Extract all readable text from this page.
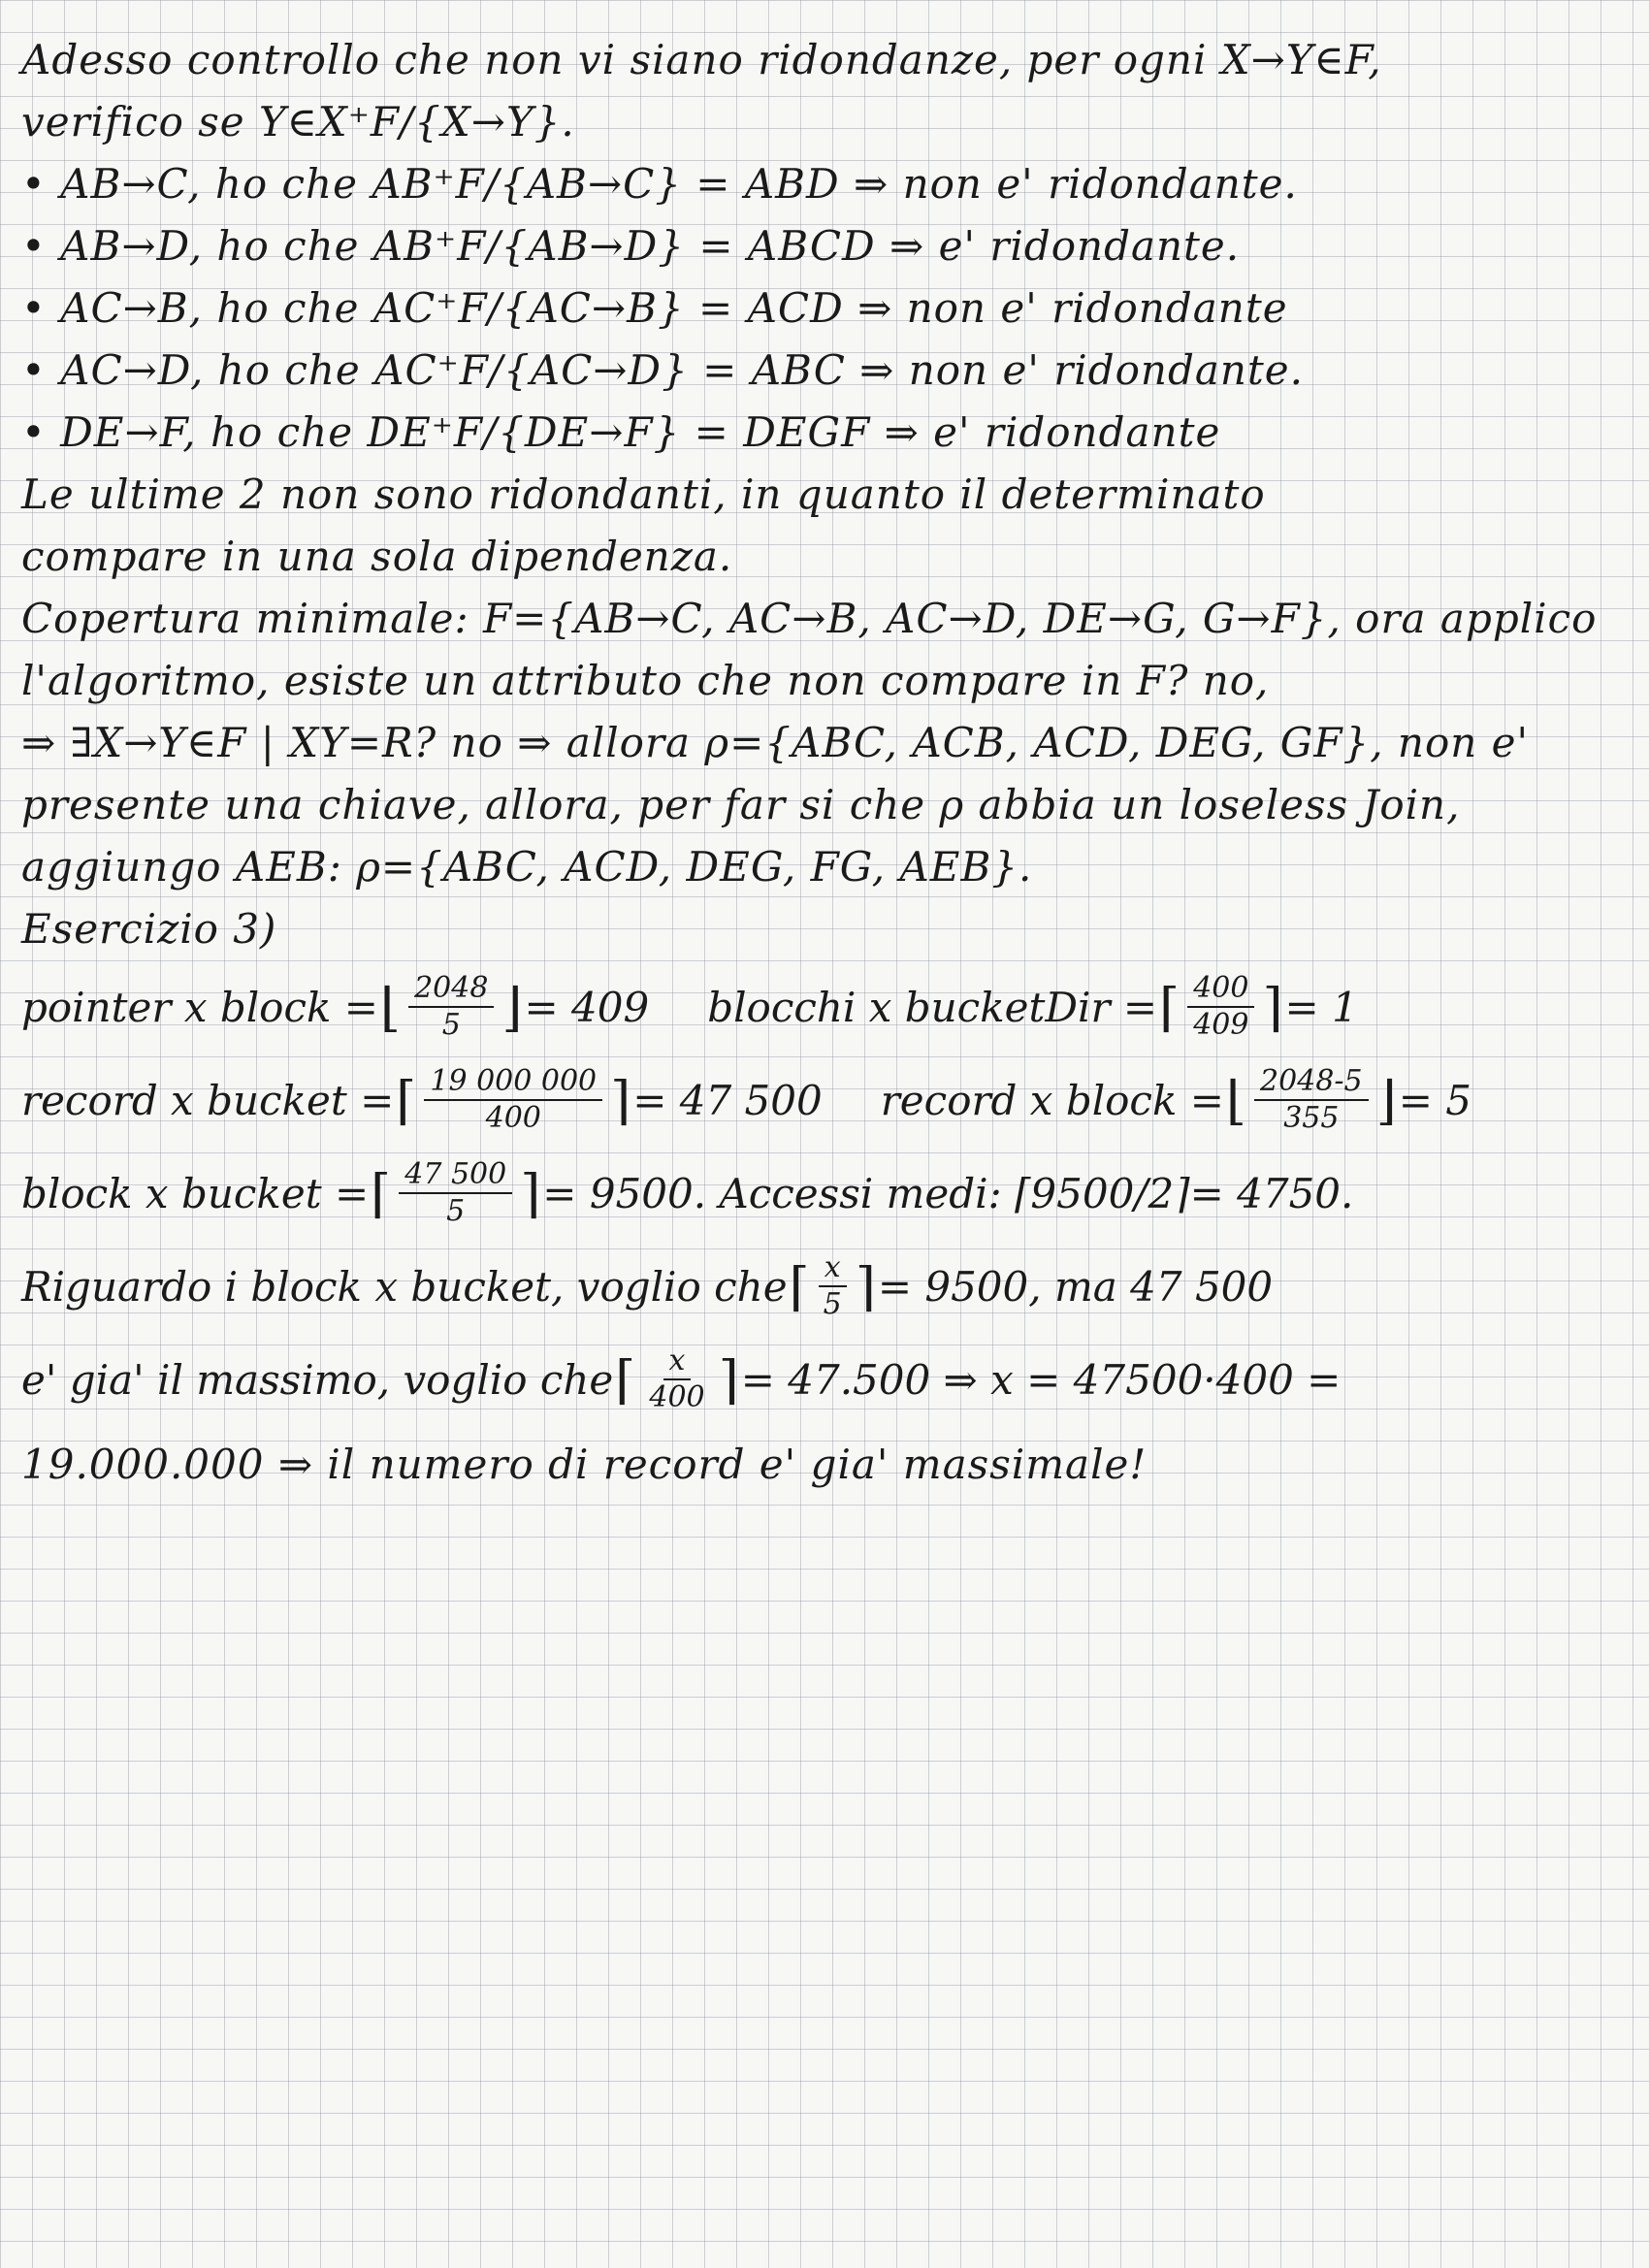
Adesso controllo che non vi siano ridondanze, per ogni X→Y∈F,
verifico se Y∈X⁺F/{X→Y}.
• AB→C, ho che AB⁺F/{AB→C} = ABD ⇒ non e' ridondante.
• AB→D, ho che AB⁺F/{AB→D} = ABCD ⇒ e' ridondante.
• AC→B, ho che AC⁺F/{AC→B} = ACD ⇒ non e' ridondante
• AC→D, ho che AC⁺F/{AC→D} = ABC ⇒ non e' ridondante.
• DE→F, ho che DE⁺F/{DE→F} = DEGF ⇒ e' ridondante
Le ultime 2 non sono ridondanti, in quanto il determinato
compare in una sola dipendenza.
Copertura minimale: F={AB→C, AC→B, AC→D, DE→G, G→F}, ora applico
l'algoritmo, esiste un attributo che non compare in F? no,
⇒ ∃X→Y∈F | XY=R? no ⇒ allora ρ={ABC, ACB, ACD, DEG, GF}, non e'
presente una chiave, allora, per far si che ρ abbia un loseless Join,
aggiungo AEB: ρ={ABC, ACD, DEG, FG, AEB}.
Esercizio 3)
pointer x block = ⌊ $\frac{2048}{5}$ ⌋ = 409 blocchi x bucketDir = ⌈ $\frac{400}{409}$ ⌉ = 1
record x bucket = ⌈ $\frac{19 000 000}{400}$ ⌉ = 47 500 record x block = ⌊ $\frac{2048-5}{355}$ ⌋ = 5
block x bucket = ⌈ $\frac{47 500}{5}$ ⌉ = 9500. Accessi medi: ⌈9500/2⌉= 4750.
Riguardo i block x bucket, voglio che ⌈ $\frac{x}{5}$ ⌉ = 9500, ma 47 500
e' gia' il massimo, voglio che ⌈ $\frac{x}{400}$ ⌉ = 47.500 ⇒ x = 47500·400 =
19.000.000 ⇒ il numero di record e' gia' massimale!
